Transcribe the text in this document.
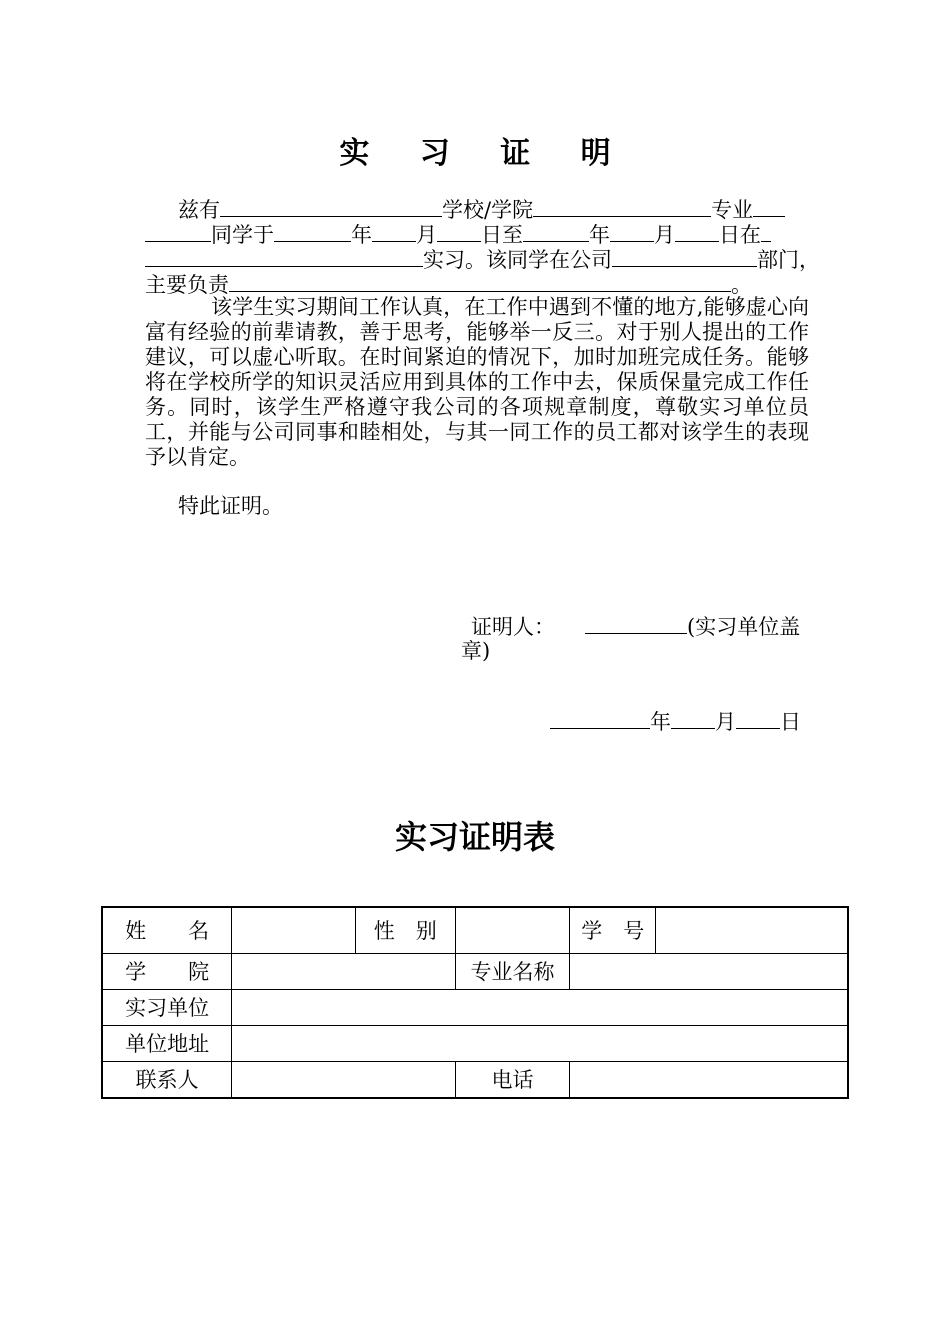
实 习 证 明
兹有	学校/学院	专业
同学于	年 月 日至	年 月 日在
实习。该同学在公司	部门，
主要负责	。
该学生实习期间工作认真，在工作中遇到不懂的地方,能够虚心向富有经验的前辈请教，善于思考，能够举一反三。对于别人提出的工作建议，可以虚心听取。在时间紧迫的情况下，加时加班完成任务。能够将在学校所学的知识灵活应用到具体的工作中去，保质保量完成工作任务。同时，该学生严格遵守我公司的各项规章制度，尊敬实习单位员工，并能与公司同事和睦相处，与其一同工作的员工都对该学生的表现予以肯定。
特此证明。
证明人：	(实习单位盖
章)
年 月 日
实习证明表
姓　　名		性　别		学　号	
学　　院			专业名称		
实习单位					
单位地址					
联系人			电话		
